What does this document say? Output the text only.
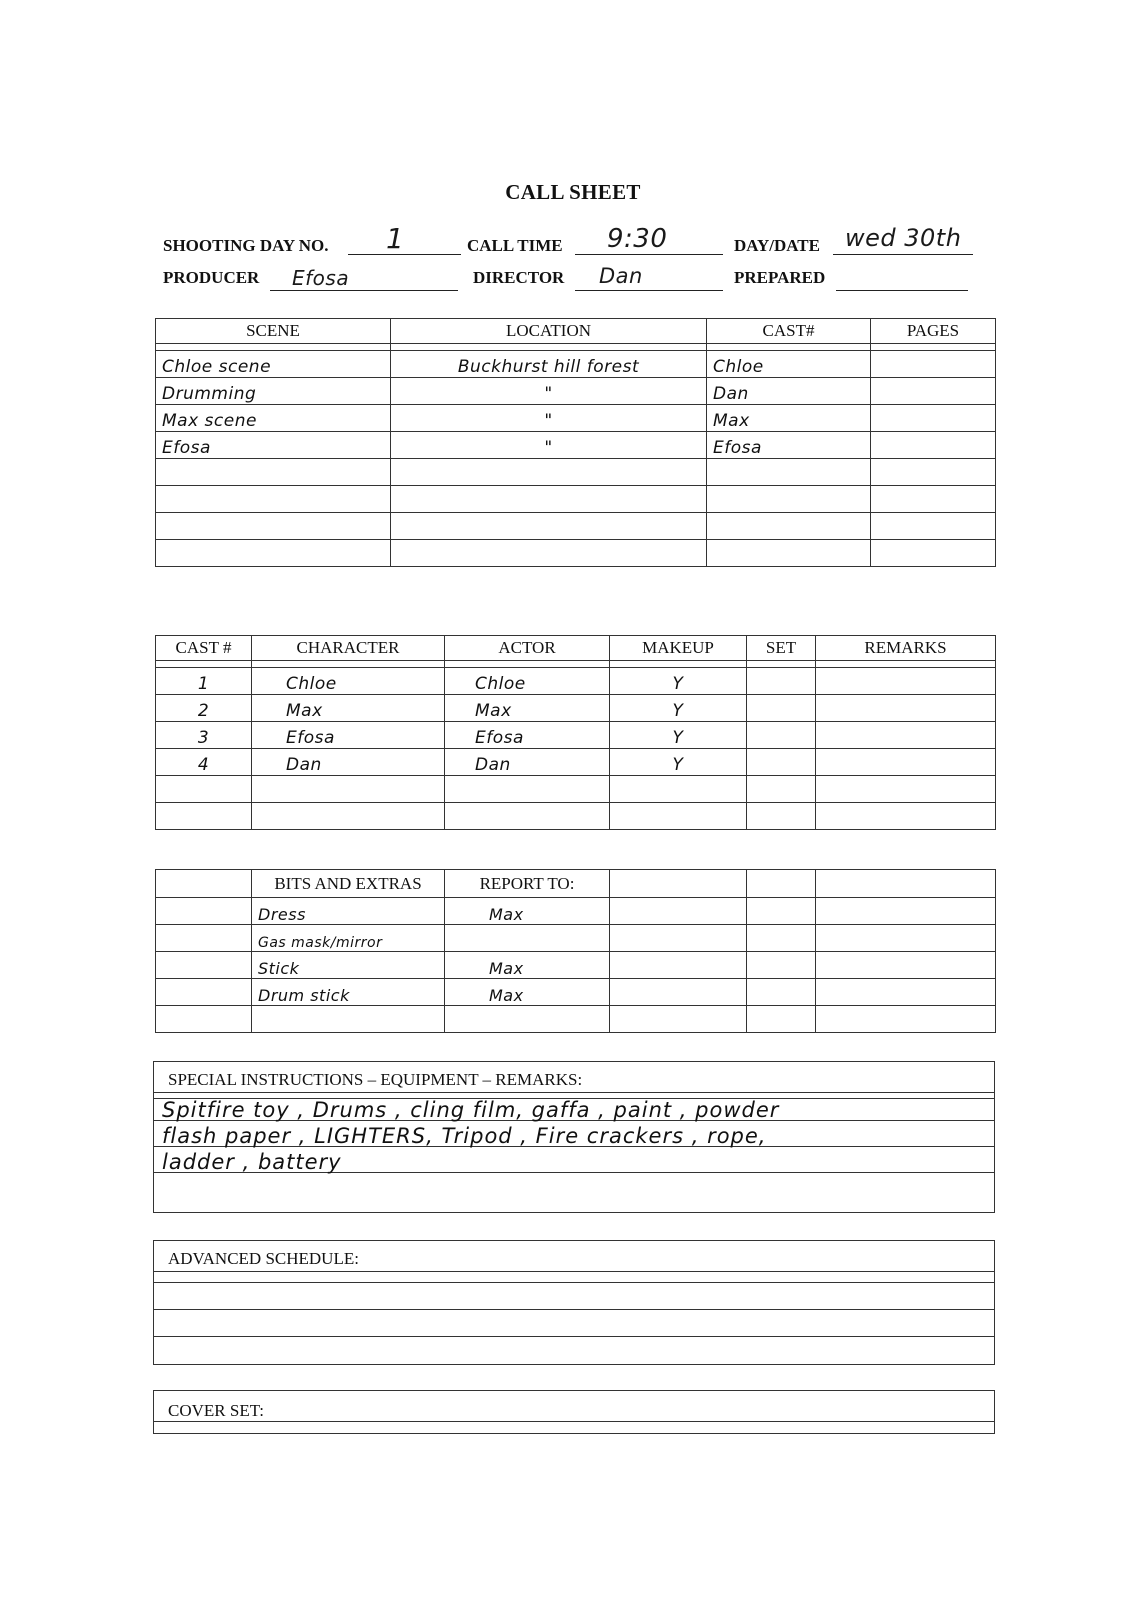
CALL SHEET
SHOOTING DAY NO. 1	CALL TIME 9:30	DAY/DATE wed 30th
PRODUCER Efosa	DIRECTOR Dan	PREPARED
SCENE	LOCATION	CAST#	PAGES

Chloe scene	Buckhurst hill forest	Chloe	
Drumming	"	Dan	
Max scene	"	Max	
Efosa	"	Efosa	

CAST #	CHARACTER	ACTOR	MAKEUP	SET	REMARKS

1	Chloe	Chloe	Y		
2	Max	Max	Y		
3	Efosa	Efosa	Y		
4	Dan	Dan	Y		

	BITS AND EXTRAS	REPORT TO:			
	Dress	Max			
	Gas mask/mirror				
	Stick	Max			
	Drum stick	Max			

SPECIAL INSTRUCTIONS – EQUIPMENT – REMARKS:
Spitfire toy , Drums , cling film, gaffa , paint , powder
flash paper , LIGHTERS, Tripod , Fire crackers , rope,
ladder , battery
ADVANCED SCHEDULE:
COVER SET:
